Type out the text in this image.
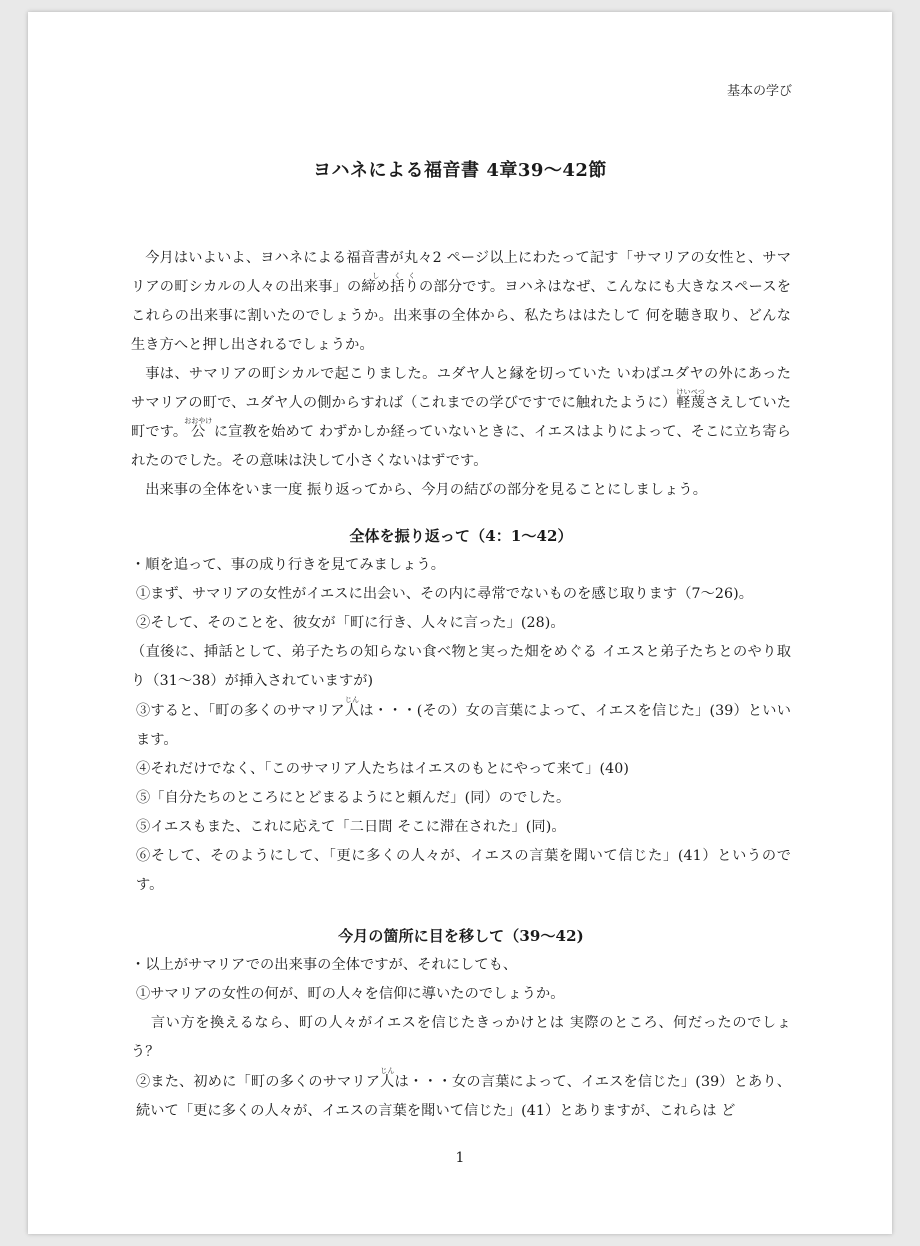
基本の学び
ヨハネによる福音書 4章39〜42節

今月はいよいよ、ヨハネによる福音書が丸々2 ページ以上にわたって記す「サマリアの女性と、サマリアの町シカルの人々の出来事」の締めし括りくくの部分です。ヨハネはなぜ、こんなにも大きなスペースをこれらの出来事に割いたのでしょうか。出来事の全体から、私たちははたして 何を聴き取り、どんな生き方へと押し出されるでしょうか。

事は、サマリアの町シカルで起こりました。ユダヤ人と縁を切っていた いわばユダヤの外にあったサマリアの町で、ユダヤ人の側からすれば（これまでの学びですでに触れたように）軽蔑けいべつさえしていた町です。公おおやけ に宣教を始めて わずかしか経っていないときに、イエスはよりによって、そこに立ち寄られたのでした。その意味は決して小さくないはずです。

出来事の全体をいま一度 振り返ってから、今月の結びの部分を見ることにしましょう。

全体を振り返って（4：1〜42）

・順を追って、事の成り行きを見てみましょう。

①まず、サマリアの女性がイエスに出会い、その内に尋常でないものを感じ取ります（7〜26)。

②そして、そのことを、彼女が「町に行き、人々に言った」(28)。

（直後に、挿話として、弟子たちの知らない食べ物と実った畑をめぐる イエスと弟子たちとのやり取り（31〜38）が挿入されていますが)

③すると、「町の多くのサマリア人じんは・・・(その）女の言葉によって、イエスを信じた」(39）といいます。

④それだけでなく、「このサマリア人たちはイエスのもとにやって来て」(40)

⑤「自分たちのところにとどまるようにと頼んだ」(同）のでした。

⑤イエスもまた、これに応えて「二日間 そこに滞在された」(同)。

⑥そして、そのようにして、「更に多くの人々が、イエスの言葉を聞いて信じた」(41）というのです。

今月の箇所に目を移して（39〜42)

・以上がサマリアでの出来事の全体ですが、それにしても、

①サマリアの女性の何が、町の人々を信仰に導いたのでしょうか。

言い方を換えるなら、町の人々がイエスを信じたきっかけとは 実際のところ、何だったのでしょう？

②また、初めに「町の多くのサマリア人じんは・・・女の言葉によって、イエスを信じた」(39）とあり、続いて「更に多くの人々が、イエスの言葉を聞いて信じた」(41）とありますが、これらは ど

1
